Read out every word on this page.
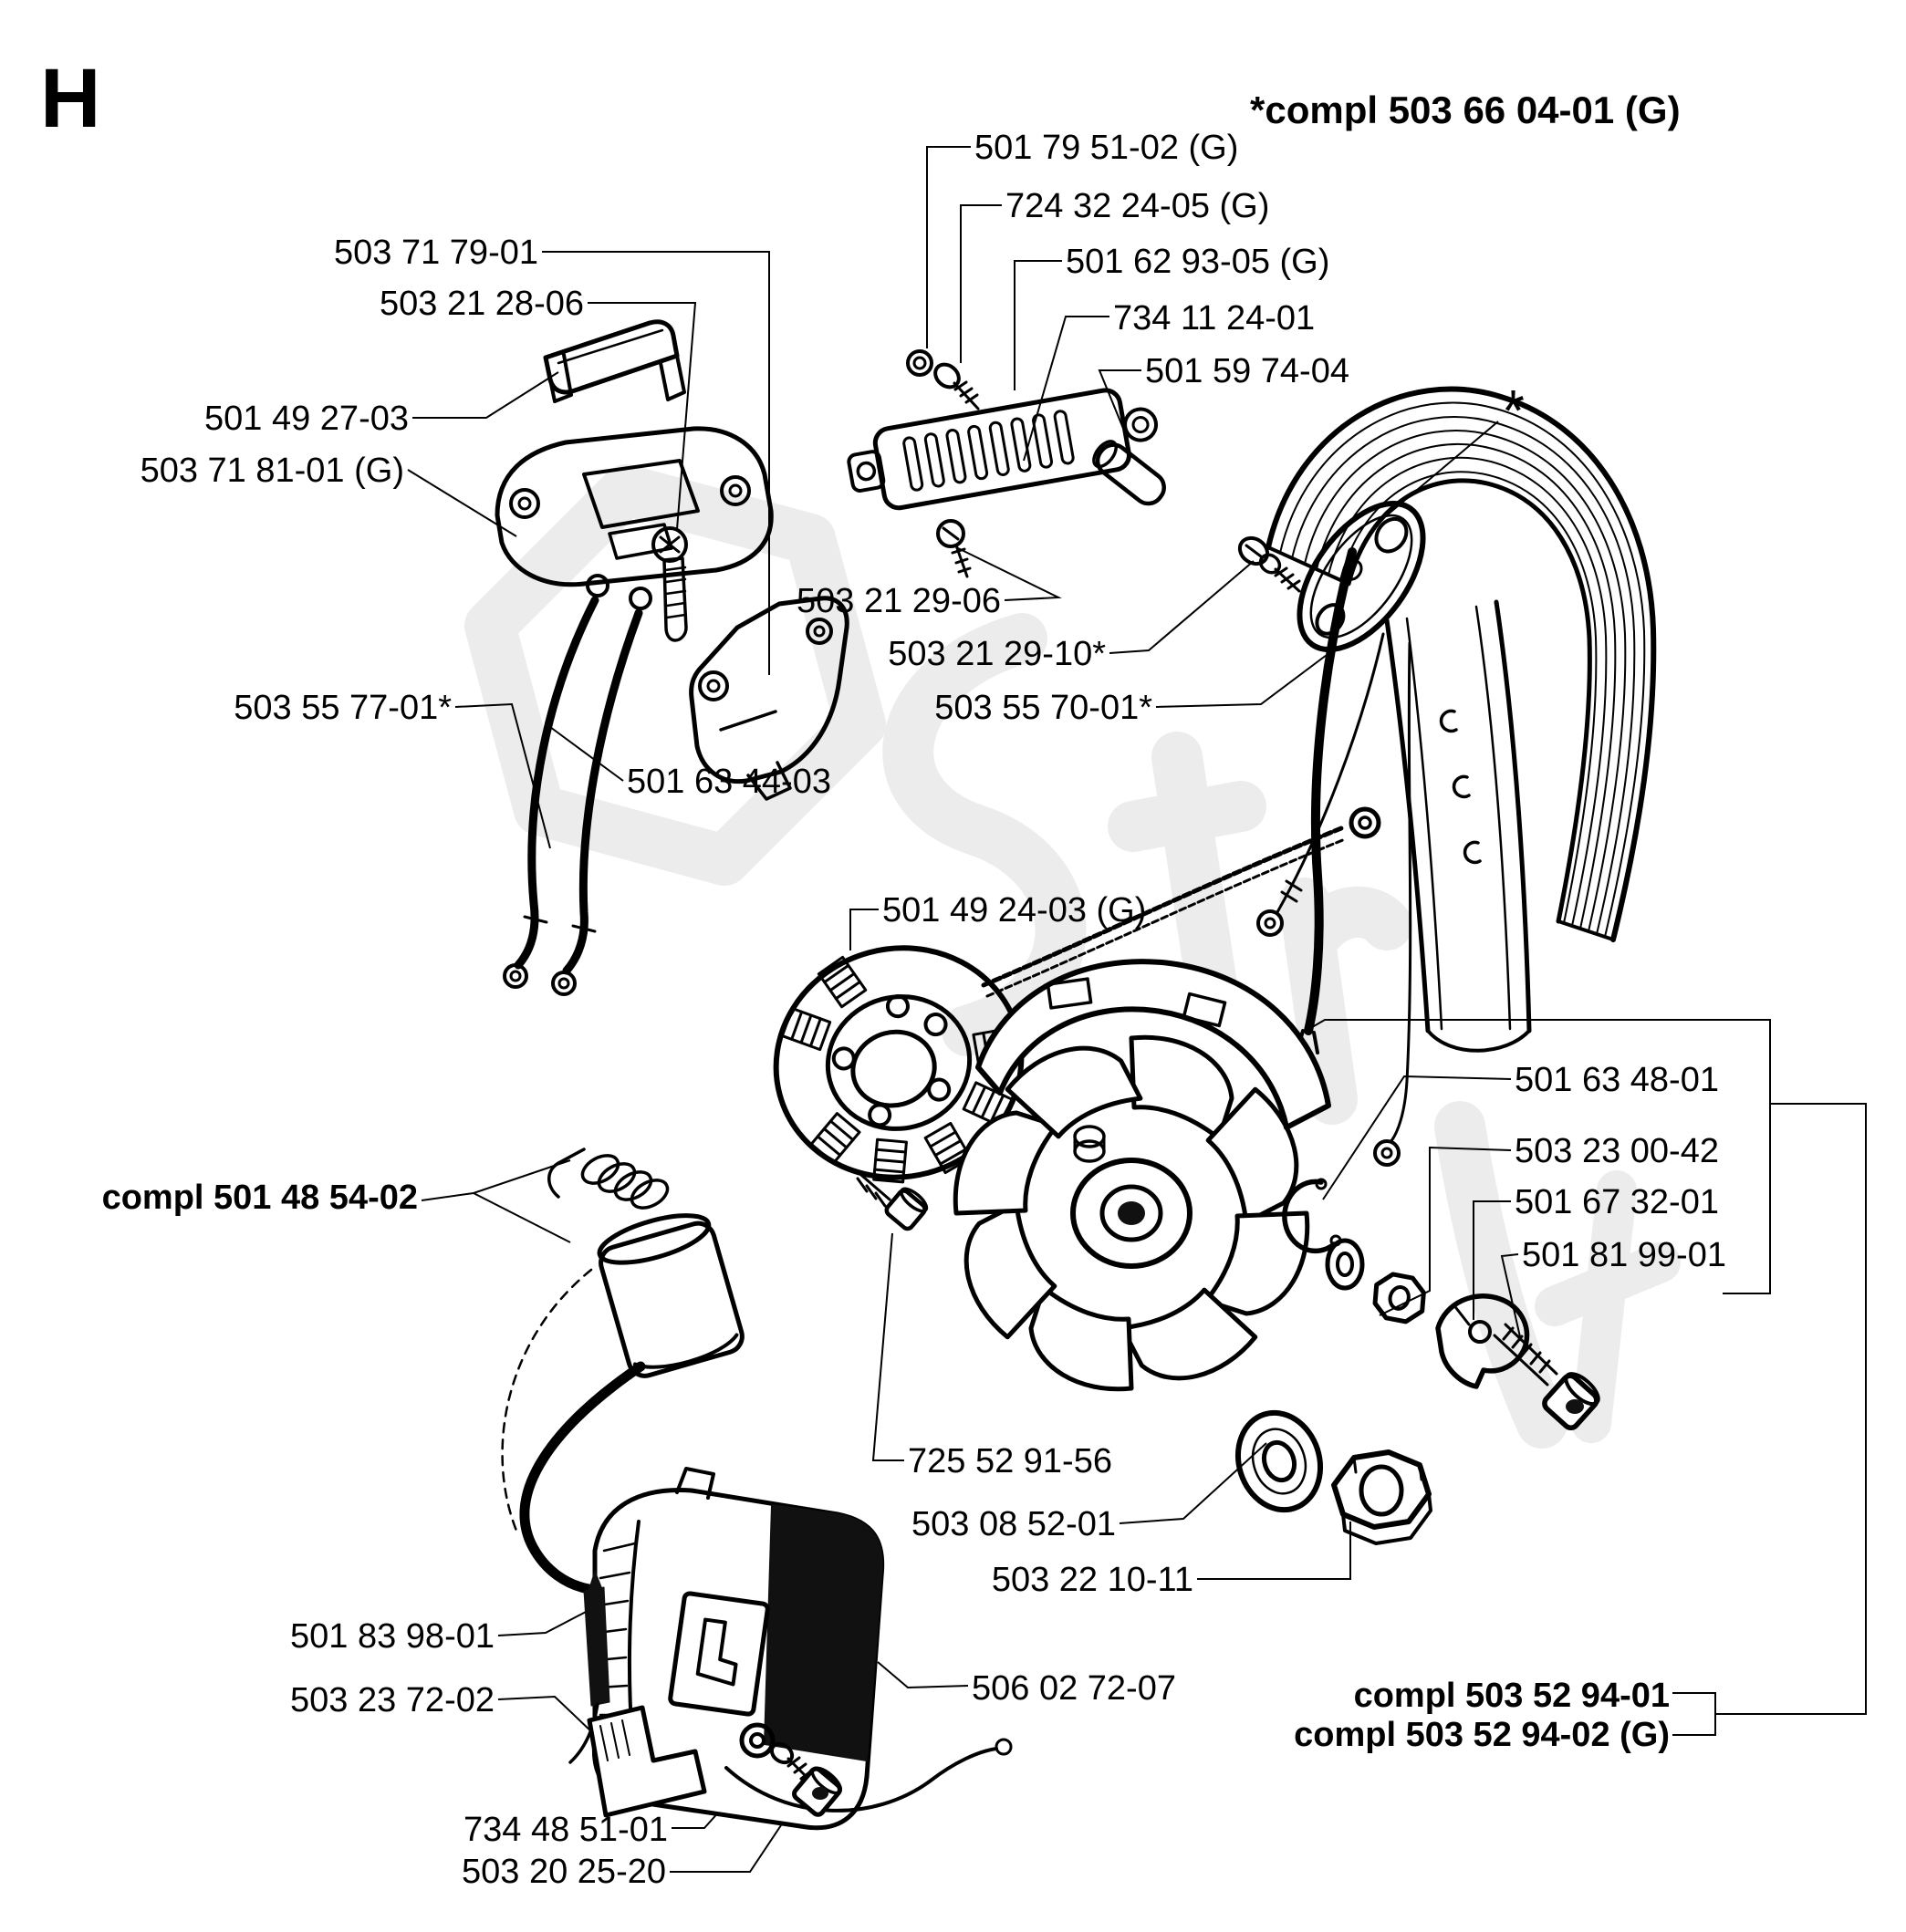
H	*compl 503 66 04-01 (G)
501 79 51-02 (G)
724 32 24-05 (G)
501 62 93-05 (G)
734 11 24-01
501 59 74-04
503 71 79-01
503 21 28-06
501 49 27-03
503 71 81-01 (G)
503 21 29-06
503 21 29-10*
503 55 70-01*
503 55 77-01*
501 63 44-03
501 49 24-03 (G)
*
compl 501 48 54-02
501 63 48-01
503 23 00-42
501 67 32-01
501 81 99-01
725 52 91-56
503 08 52-01
503 22 10-11
501 83 98-01
503 23 72-02	506 02 72-07
734 48 51-01
503 20 25-20
compl 503 52 94-01
compl 503 52 94-02 (G)
